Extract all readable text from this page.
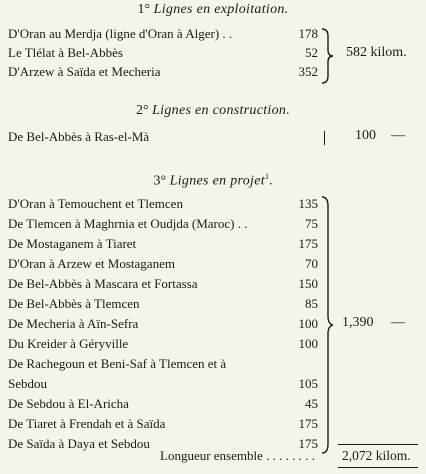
1° Lignes en exploitation.
D'Oran au Merdja (ligne d'Oran à Alger) . .	178
Le Tlélat à Bel-Abbès	52
D'Arzew à Saïda et Mecheria	352
582 kilom.
2° Lignes en construction.
De Bel-Abbès à Ras-el-Mà	100 —
3° Lignes en projet$^1$.
D'Oran à Temouchent et Tlemcen	135
De Tlemcen à Maghrnia et Oudjda (Maroc) . .	75
De Mostaganem à Tiaret	175
D'Oran à Arzew et Mostaganem	70
De Bel-Abbès à Mascara et Fortassa	150
De Bel-Abbès à Tlemcen	85
De Mecheria à Aïn-Sefra	100
Du Kreider à Géryville	100
De Rachegoun et Beni-Saf à Tlemcen et à
Sebdou	105
De Sebdou à El-Aricha	45
De Tiaret à Frendah et à Saïda	175
De Saïda à Daya et Sebdou	175
1,390 —
Longueur ensemble . . . . . . . . 2,072 kilom.
